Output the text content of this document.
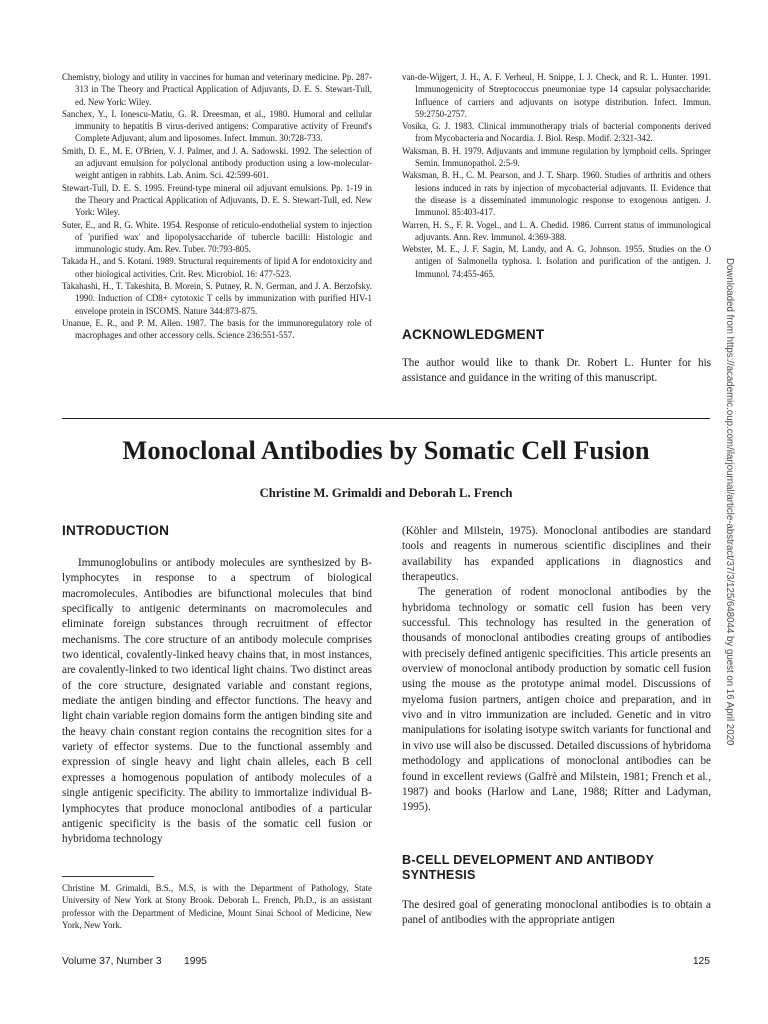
Chemistry, biology and utility in vaccines for human and veterinary medicine. Pp. 287-313 in The Theory and Practical Application of Adjuvants, D. E. S. Stewart-Tull, ed. New York: Wiley.

Sanchex, Y., I. Ionescu-Matiu, G. R. Dreesman, et al., 1980. Humoral and cellular immunity to hepatitis B virus-derived antigens: Comparative activity of Freund's Complete Adjuvant, alum and liposomes. Infect. Immun. 30:728-733.

Smith, D. E., M. E. O'Brien, V. J. Palmer, and J. A. Sadowski. 1992. The selection of an adjuvant emulsion for polyclonal antibody production using a low-molecular-weight antigen in rabbits. Lab. Anim. Sci. 42:599-601.

Stewart-Tull, D. E. S. 1995. Freund-type mineral oil adjuvant emulsions. Pp. 1-19 in the Theory and Practical Application of Adjuvants, D. E. S. Stewart-Tull, ed. New York: Wiley.

Suter, E., and R. G. White. 1954. Response of reticulo-endothelial system to injection of 'purified wax' and lipopolysaccharide of tubercle bacilli: Histologic and immunologic study. Am. Rev. Tuber. 70:793-805.

Takada H., and S. Kotani. 1989. Structural requirements of lipid A for endotoxicity and other biological activities. Crit. Rev. Microbiol. 16: 477-523.

Takahashi, H., T. Takeshita, B. Morein, S. Putney, R. N. German, and J. A. Berzofsky. 1990. Induction of CD8+ cytotoxic T cells by immunization with purified HIV-1 envelope protein in ISCOMS. Nature 344:873-875.

Unanue, E. R., and P. M. Allen. 1987. The basis for the immunoregulatory role of macrophages and other accessory cells. Science 236:551-557.

van-de-Wijgert, J. H., A. F. Verheul, H. Snippe, I. J. Check, and R. L. Hunter. 1991. Immunogenicity of Streptococcus pneumoniae type 14 capsular polysaccharide: Influence of carriers and adjuvants on isotype distribution. Infect. Immun. 59:2750-2757.

Vosika, G. J. 1983. Clinical immunotherapy trials of bacterial components derived from Mycobacteria and Nocardia. J. Biol. Resp. Modif. 2:321-342.

Waksman, B. H. 1979. Adjuvants and immune regulation by lymphoid cells. Springer Semin. Immunopathol. 2:5-9.

Waksman, B. H., C. M. Pearson, and J. T. Sharp. 1960. Studies of arthritis and others lesions induced in rats by injection of mycobacterial adjuvants. II. Evidence that the disease is a disseminated immunologic response to exogenous antigen. J. Immunol. 85:403-417.

Warren, H. S., F. R. Vogel., and L. A. Chedid. 1986. Current status of immunological adjuvants. Ann. Rev. Immunol. 4:369-388.

Webster, M. E., J. F. Sagin, M. Landy, and A. G. Johnson. 1955. Studies on the O antigen of Salmonella typhosa. I. Isolation and purification of the antigen. J. Immunol. 74:455-465.

ACKNOWLEDGMENT

The author would like to thank Dr. Robert L. Hunter for his assistance and guidance in the writing of this manuscript.

Monoclonal Antibodies by Somatic Cell Fusion

Christine M. Grimaldi and Deborah L. French

INTRODUCTION

Immunoglobulins or antibody molecules are synthesized by B-lymphocytes in response to a spectrum of biological macromolecules. Antibodies are bifunctional molecules that bind specifically to antigenic determinants on macromolecules and eliminate foreign substances through recruitment of effector mechanisms. The core structure of an antibody molecule comprises two identical, covalently-linked heavy chains that, in most instances, are covalently-linked to two identical light chains. Two distinct areas of the core structure, designated variable and constant regions, mediate the antigen binding and effector functions. The heavy and light chain variable region domains form the antigen binding site and the heavy chain constant region contains the recognition sites for a variety of effector systems. Due to the functional assembly and expression of single heavy and light chain alleles, each B cell expresses a homogenous population of antibody molecules of a single antigenic specificity. The ability to immortalize individual B-lymphocytes that produce monoclonal antibodies of a particular antigenic specificity is the basis of the somatic cell fusion or hybridoma technology

Christine M. Grimaldi, B.S., M.S, is with the Department of Pathology, State University of New York at Stony Brook. Deborah L. French, Ph.D., is an assistant professor with the Department of Medicine, Mount Sinai School of Medicine, New York, New York.

(Köhler and Milstein, 1975). Monoclonal antibodies are standard tools and reagents in numerous scientific disciplines and their availability has expanded applications in diagnostics and therapeutics.

The generation of rodent monoclonal antibodies by the hybridoma technology or somatic cell fusion has been very successful. This technology has resulted in the generation of thousands of monoclonal antibodies creating groups of antibodies with precisely defined antigenic specificities. This article presents an overview of monoclonal antibody production by somatic cell fusion using the mouse as the prototype animal model. Discussions of myeloma fusion partners, antigen choice and preparation, and in vivo and in vitro immunization are included. Genetic and in vitro manipulations for isolating isotype switch variants for functional and in vivo use will also be discussed. Detailed discussions of hybridoma methodology and applications of monoclonal antibodies can be found in excellent reviews (Galfrè and Milstein, 1981; French et al., 1987) and books (Harlow and Lane, 1988; Ritter and Ladyman, 1995).

B-CELL DEVELOPMENT AND ANTIBODY SYNTHESIS

The desired goal of generating monoclonal antibodies is to obtain a panel of antibodies with the appropriate antigen

Volume 37, Number 3 1995	125

Downloaded from https://academic.oup.com/ilarjournal/article-abstract/37/3/125/648044 by guest on 16 April 2020
